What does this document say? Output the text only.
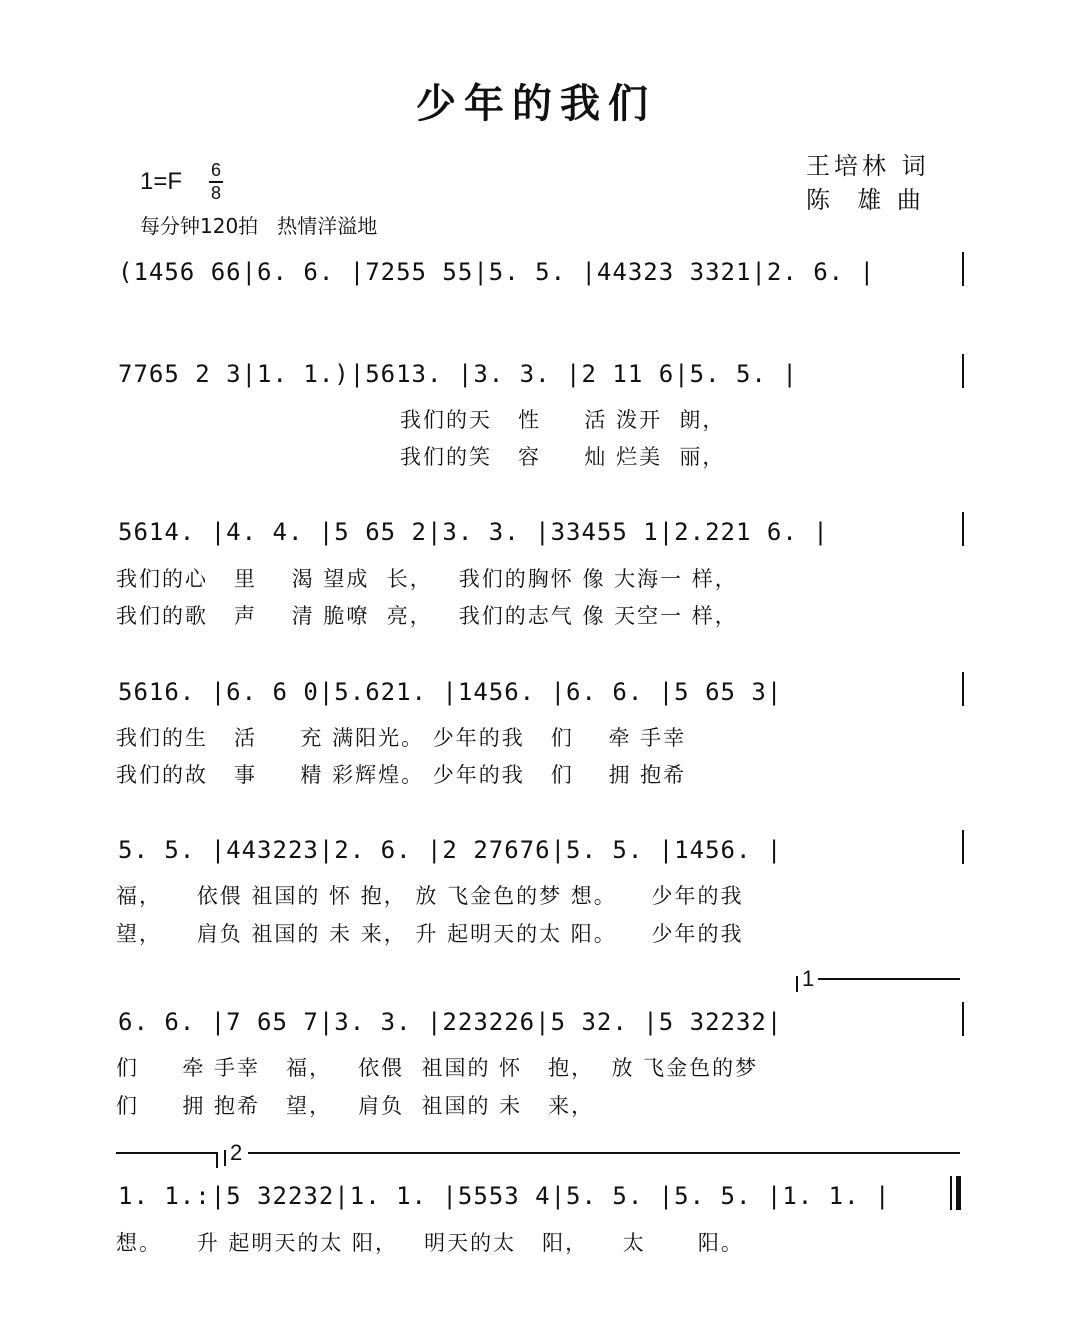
少年的我们
王培林 词
陈  雄 曲
1=F 6
8
每分钟120拍   热情洋溢地
(1456 66|6. 6. |7255 55|5. 5. |44323 3321|2. 6. |
7765 2 3|1. 1.)|5613. |3. 3. |2 11 6|5. 5. |
我们的天   性     活 泼开  朗，
我们的笑   容     灿 烂美  丽，
5614. |4. 4. |5 65 2|3. 3. |33455 1|2.221 6. |
我们的心   里    渴 望成  长，   我们的胸怀 像 大海一 样，
我们的歌   声    清 脆嘹  亮，   我们的志气 像 天空一 样，
5616. |6. 6 0|5.621. |1456. |6. 6. |5 65 3|
我们的生   活     充 满阳光。 少年的我   们    牵 手幸
我们的故   事     精 彩辉煌。 少年的我   们    拥 抱希
5. 5. |443223|2. 6. |2 27676|5. 5. |1456. |
福，    依偎 祖国的 怀 抱， 放 飞金色的梦 想。    少年的我
望，    肩负 祖国的 未 来， 升 起明天的太 阳。    少年的我
1
6. 6. |7 65 7|3. 3. |223226|5 32. |5 32232|
们     牵 手幸   福，   依偎  祖国的 怀   抱，  放 飞金色的梦
们     拥 抱希   望，   肩负  祖国的 未   来，
2
1. 1.:|5 32232|1. 1. |5553 4|5. 5. |5. 5. |1. 1. |
想。    升 起明天的太 阳，   明天的太   阳，    太      阳。
